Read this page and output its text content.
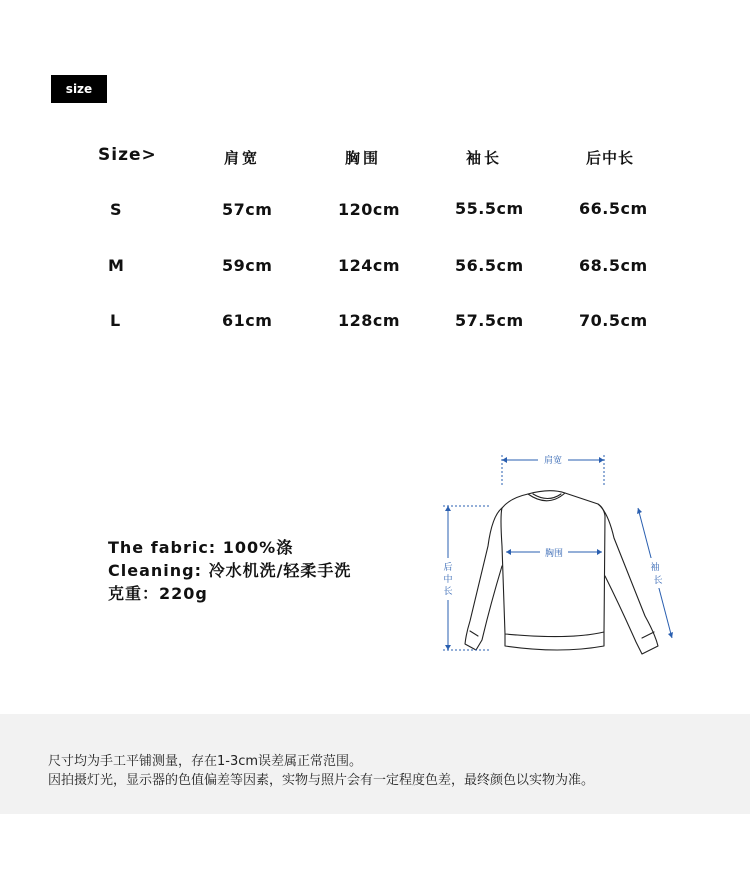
size
Size>	肩宽	胸围	袖长	后中长
S	57cm	120cm	55.5cm	66.5cm
M	59cm	124cm	56.5cm	68.5cm
L	61cm	128cm	57.5cm	70.5cm
The fabric: 100%涤
Cleaning: 冷水机洗/轻柔手洗
克重：220g
肩宽
胸围
后
中
长
袖
长
尺寸均为手工平铺测量，存在1-3cm误差属正常范围。
因拍摄灯光，显示器的色值偏差等因素，实物与照片会有一定程度色差，最终颜色以实物为准。
